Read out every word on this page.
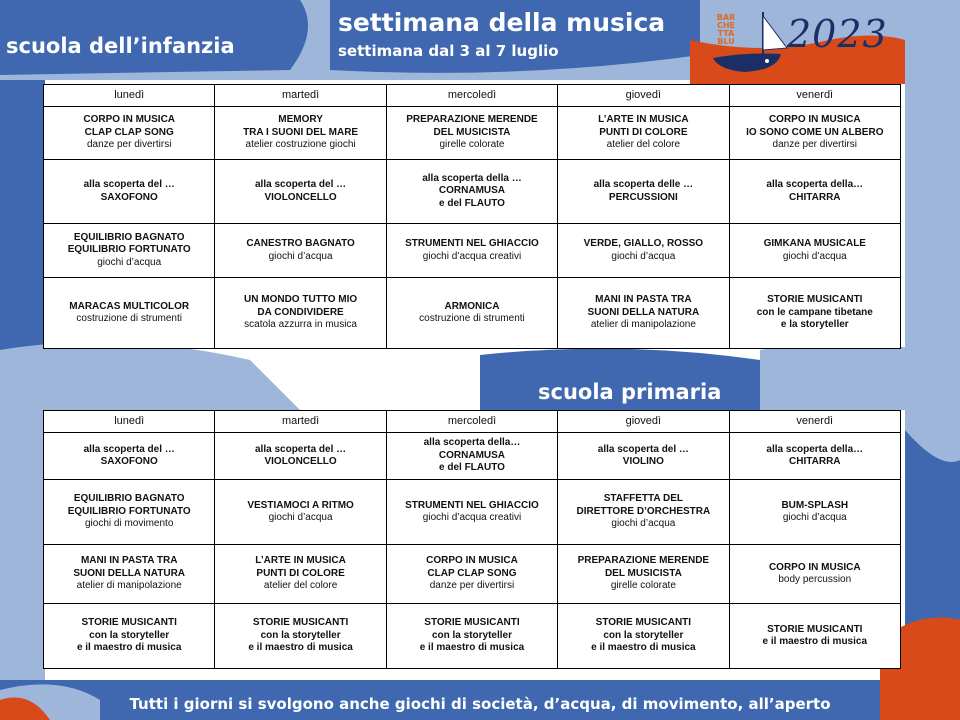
scuola dell’infanzia
settimana della musica
settimana dal 3 al 7 luglio
BAR
CHE
TTA
BLU 2023
lunedì	martedì	mercoledì	giovedì	venerdì

CORPO IN MUSICA
CLAP CLAP SONG
danze per divertirsi	MEMORY
TRA I SUONI DEL MARE
atelier costruzione giochi	PREPARAZIONE MERENDE
DEL MUSICISTA
girelle colorate	L’ARTE IN MUSICA
PUNTI DI COLORE
atelier del colore	CORPO IN MUSICA
IO SONO COME UN ALBERO
danze per divertirsi

alla scoperta del …
SAXOFONO	alla scoperta del …
VIOLONCELLO	alla scoperta della …
CORNAMUSA
e del FLAUTO	alla scoperta delle …
PERCUSSIONI	alla scoperta della…
CHITARRA

EQUILIBRIO BAGNATO
EQUILIBRIO FORTUNATO
giochi d’acqua	CANESTRO BAGNATO
giochi d’acqua	STRUMENTI NEL GHIACCIO
giochi d’acqua creativi	VERDE, GIALLO, ROSSO
giochi d’acqua	GIMKANA MUSICALE
giochi d’acqua

MARACAS MULTICOLOR
costruzione di strumenti	UN MONDO TUTTO MIO
DA CONDIVIDERE
scatola azzurra in musica	ARMONICA
costruzione di strumenti	MANI IN PASTA TRA
SUONI DELLA NATURA
atelier di manipolazione	STORIE MUSICANTI
con le campane tibetane
e la storyteller
scuola primaria
lunedì	martedì	mercoledì	giovedì	venerdì

alla scoperta del …
SAXOFONO	alla scoperta del …
VIOLONCELLO	alla scoperta della…
CORNAMUSA
e del FLAUTO	alla scoperta del …
VIOLINO	alla scoperta della…
CHITARRA

EQUILIBRIO BAGNATO
EQUILIBRIO FORTUNATO
giochi di movimento	VESTIAMOCI A RITMO
giochi d’acqua	STRUMENTI NEL GHIACCIO
giochi d’acqua creativi	STAFFETTA DEL
DIRETTORE D’ORCHESTRA
giochi d’acqua	BUM-SPLASH
giochi d’acqua

MANI IN PASTA TRA
SUONI DELLA NATURA
atelier di manipolazione	L’ARTE IN MUSICA
PUNTI DI COLORE
atelier del colore	CORPO IN MUSICA
CLAP CLAP SONG
danze per divertirsi	PREPARAZIONE MERENDE
DEL MUSICISTA
girelle colorate	CORPO IN MUSICA
body percussion

STORIE MUSICANTI
con la storyteller
e il maestro di musica	STORIE MUSICANTI
con la storyteller
e il maestro di musica	STORIE MUSICANTI
con la storyteller
e il maestro di musica	STORIE MUSICANTI
con la storyteller
e il maestro di musica	STORIE MUSICANTI
e il maestro di musica
Tutti i giorni si svolgono anche giochi di società, d’acqua, di movimento, all’aperto
